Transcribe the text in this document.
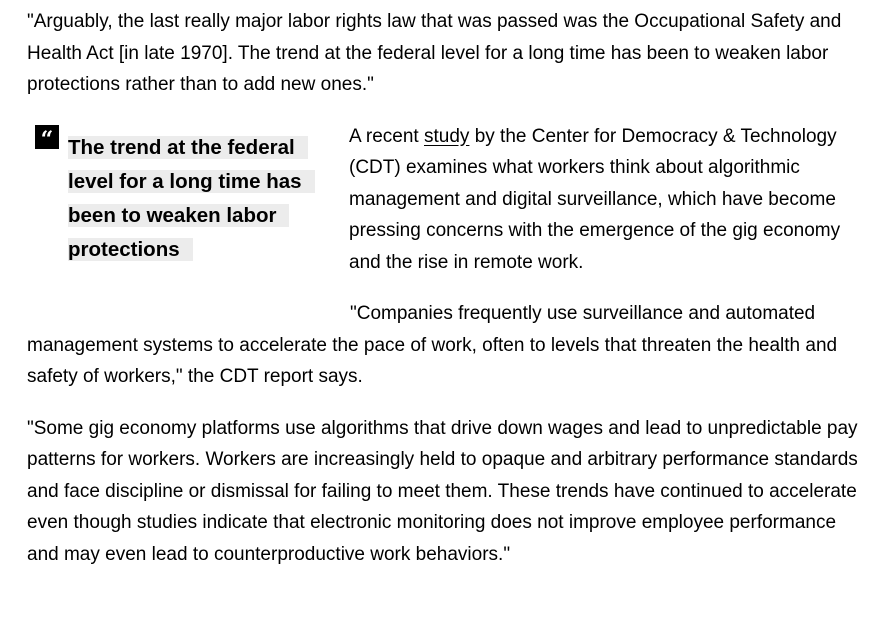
"Arguably, the last really major labor rights law that was passed was the Occupational Safety and Health Act [in late 1970]. The trend at the federal level for a long time has been to weaken labor protections rather than to add new ones."

“ The trend at the federal level for a long time has been to weaken labor protections

A recent study by the Center for Democracy & Technology (CDT) examines what workers think about algorithmic management and digital surveillance, which have become pressing concerns with the emergence of the gig economy and the rise in remote work.

"Companies frequently use surveillance and automated management systems to accelerate the pace of work, often to levels that threaten the health and safety of workers," the CDT report says.

"Some gig economy platforms use algorithms that drive down wages and lead to unpredictable pay patterns for workers. Workers are increasingly held to opaque and arbitrary performance standards and face discipline or dismissal for failing to meet them. These trends have continued to accelerate even though studies indicate that electronic monitoring does not improve employee performance and may even lead to counterproductive work behaviors."
